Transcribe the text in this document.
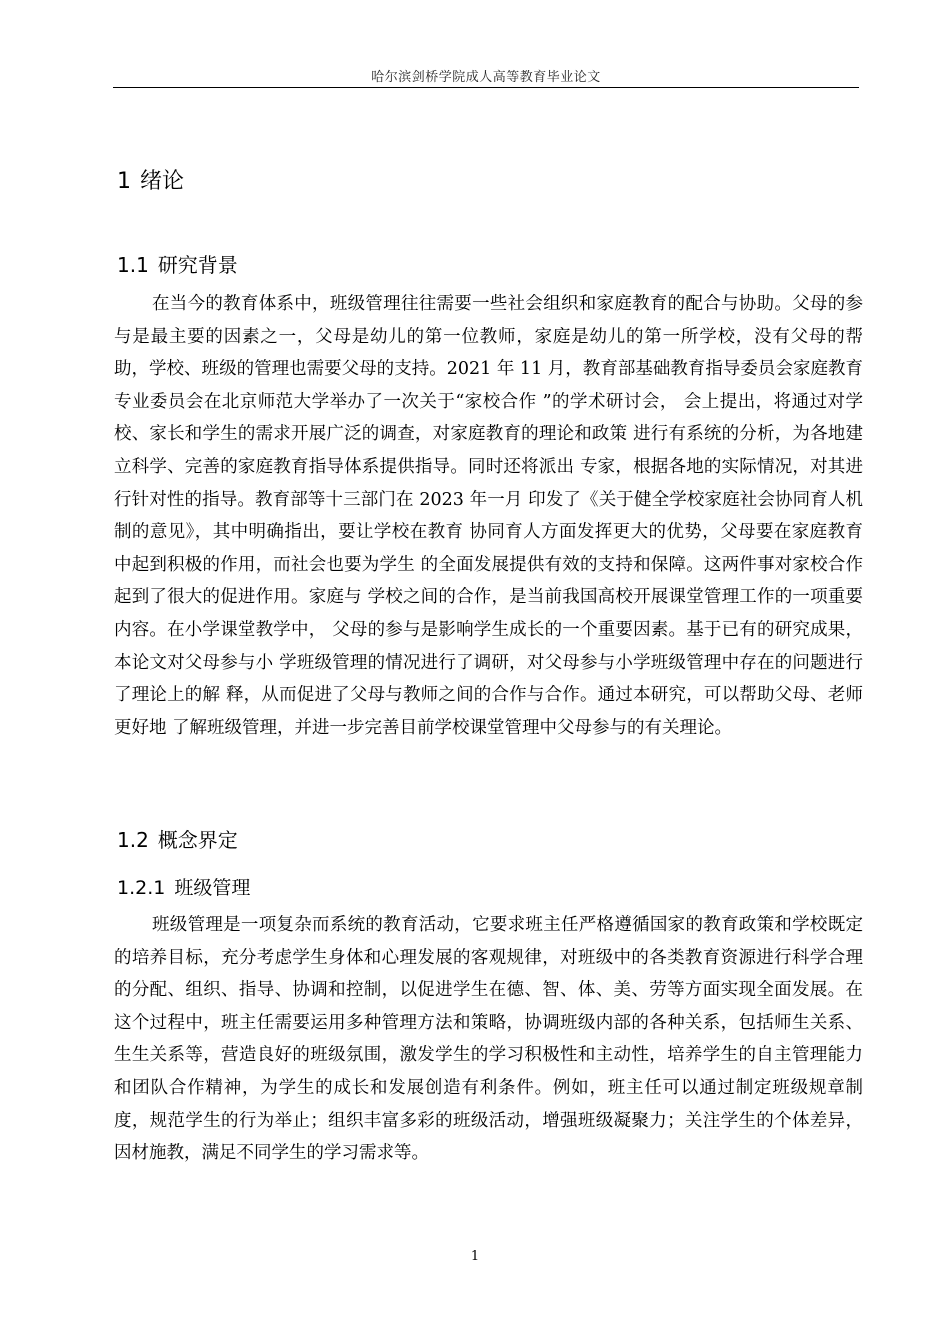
哈尔滨剑桥学院成人高等教育毕业论文
1 绪论
1.1 研究背景

在当今的教育体系中，班级管理往往需要一些社会组织和家庭教育的配合与协助。父母的参与是最主要的因素之一，父母是幼儿的第一位教师，家庭是幼儿的第一所学校，没有父母的帮助，学校、班级的管理也需要父母的支持。2021 年 11 月，教育部基础教育指导委员会家庭教育专业委员会在北京师范大学举办了一次关于“家校合作 ”的学术研讨会， 会上提出，将通过对学校、家长和学生的需求开展广泛的调查，对家庭教育的理论和政策 进行有系统的分析，为各地建立科学、完善的家庭教育指导体系提供指导。同时还将派出 专家，根据各地的实际情况，对其进行针对性的指导。教育部等十三部门在 2023 年一月 印发了《关于健全学校家庭社会协同育人机制的意见》，其中明确指出，要让学校在教育 协同育人方面发挥更大的优势，父母要在家庭教育中起到积极的作用，而社会也要为学生 的全面发展提供有效的支持和保障。这两件事对家校合作起到了很大的促进作用。家庭与 学校之间的合作，是当前我国高校开展课堂管理工作的一项重要内容。在小学课堂教学中， 父母的参与是影响学生成长的一个重要因素。基于已有的研究成果，本论文对父母参与小 学班级管理的情况进行了调研，对父母参与小学班级管理中存在的问题进行了理论上的解 释，从而促进了父母与教师之间的合作与合作。通过本研究，可以帮助父母、老师更好地 了解班级管理，并进一步完善目前学校课堂管理中父母参与的有关理论。

1.2 概念界定
1.2.1 班级管理

班级管理是一项复杂而系统的教育活动，它要求班主任严格遵循国家的教育政策和学校既定的培养目标，充分考虑学生身体和心理发展的客观规律，对班级中的各类教育资源进行科学合理的分配、组织、指导、协调和控制，以促进学生在德、智、体、美、劳等方面实现全面发展。在这个过程中，班主任需要运用多种管理方法和策略，协调班级内部的各种关系，包括师生关系、生生关系等，营造良好的班级氛围，激发学生的学习积极性和主动性，培养学生的自主管理能力和团队合作精神，为学生的成长和发展创造有利条件。例如，班主任可以通过制定班级规章制度，规范学生的行为举止；组织丰富多彩的班级活动，增强班级凝聚力；关注学生的个体差异，因材施教，满足不同学生的学习需求等。

1
